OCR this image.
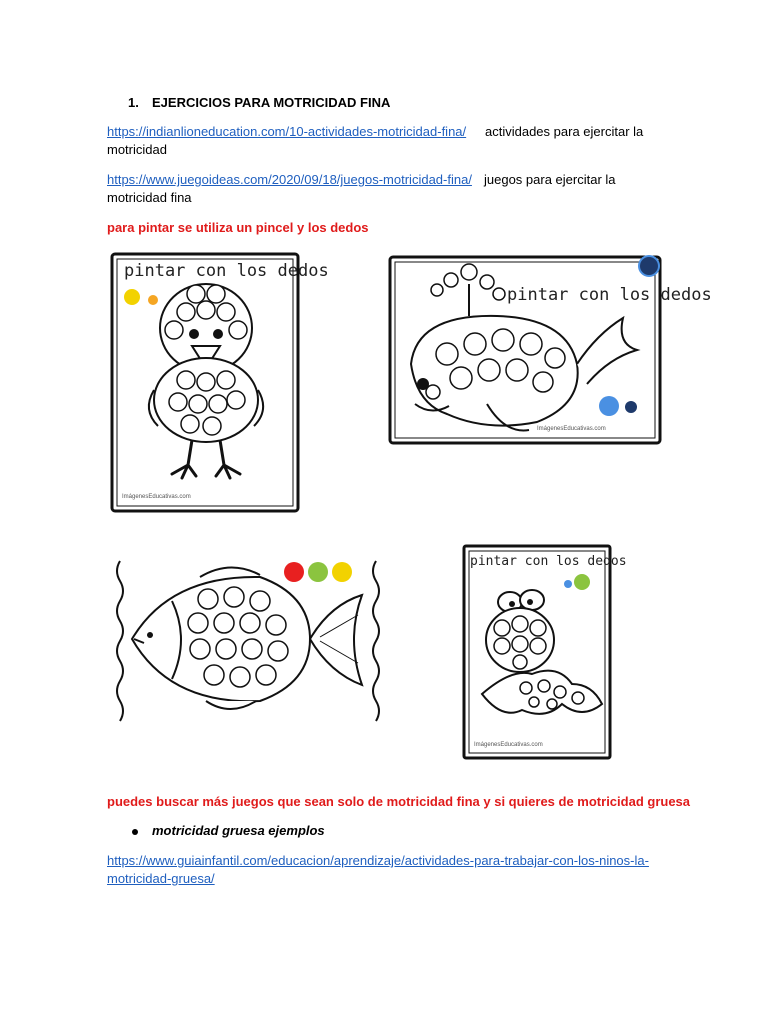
1. EJERCICIOS PARA MOTRICIDAD FINA
https://indianlioneducation.com/10-actividades-motricidad-fina/ actividades para ejercitar la
motricidad
https://www.juegoideas.com/2020/09/18/juegos-motricidad-fina/ juegos para ejercitar la
motricidad fina
para pintar se utiliza un pincel y los dedos
pintar con los dedos
ImágenesEducativas.com
pintar con los dedos
ImágenesEducativas.com
pintar con los dedos
ImágenesEducativas.com
puedes buscar más juegos que sean solo de motricidad fina y si quieres de motricidad gruesa
motricidad gruesa ejemplos
https://www.guiainfantil.com/educacion/aprendizaje/actividades-para-trabajar-con-los-ninos-la-
motricidad-gruesa/
